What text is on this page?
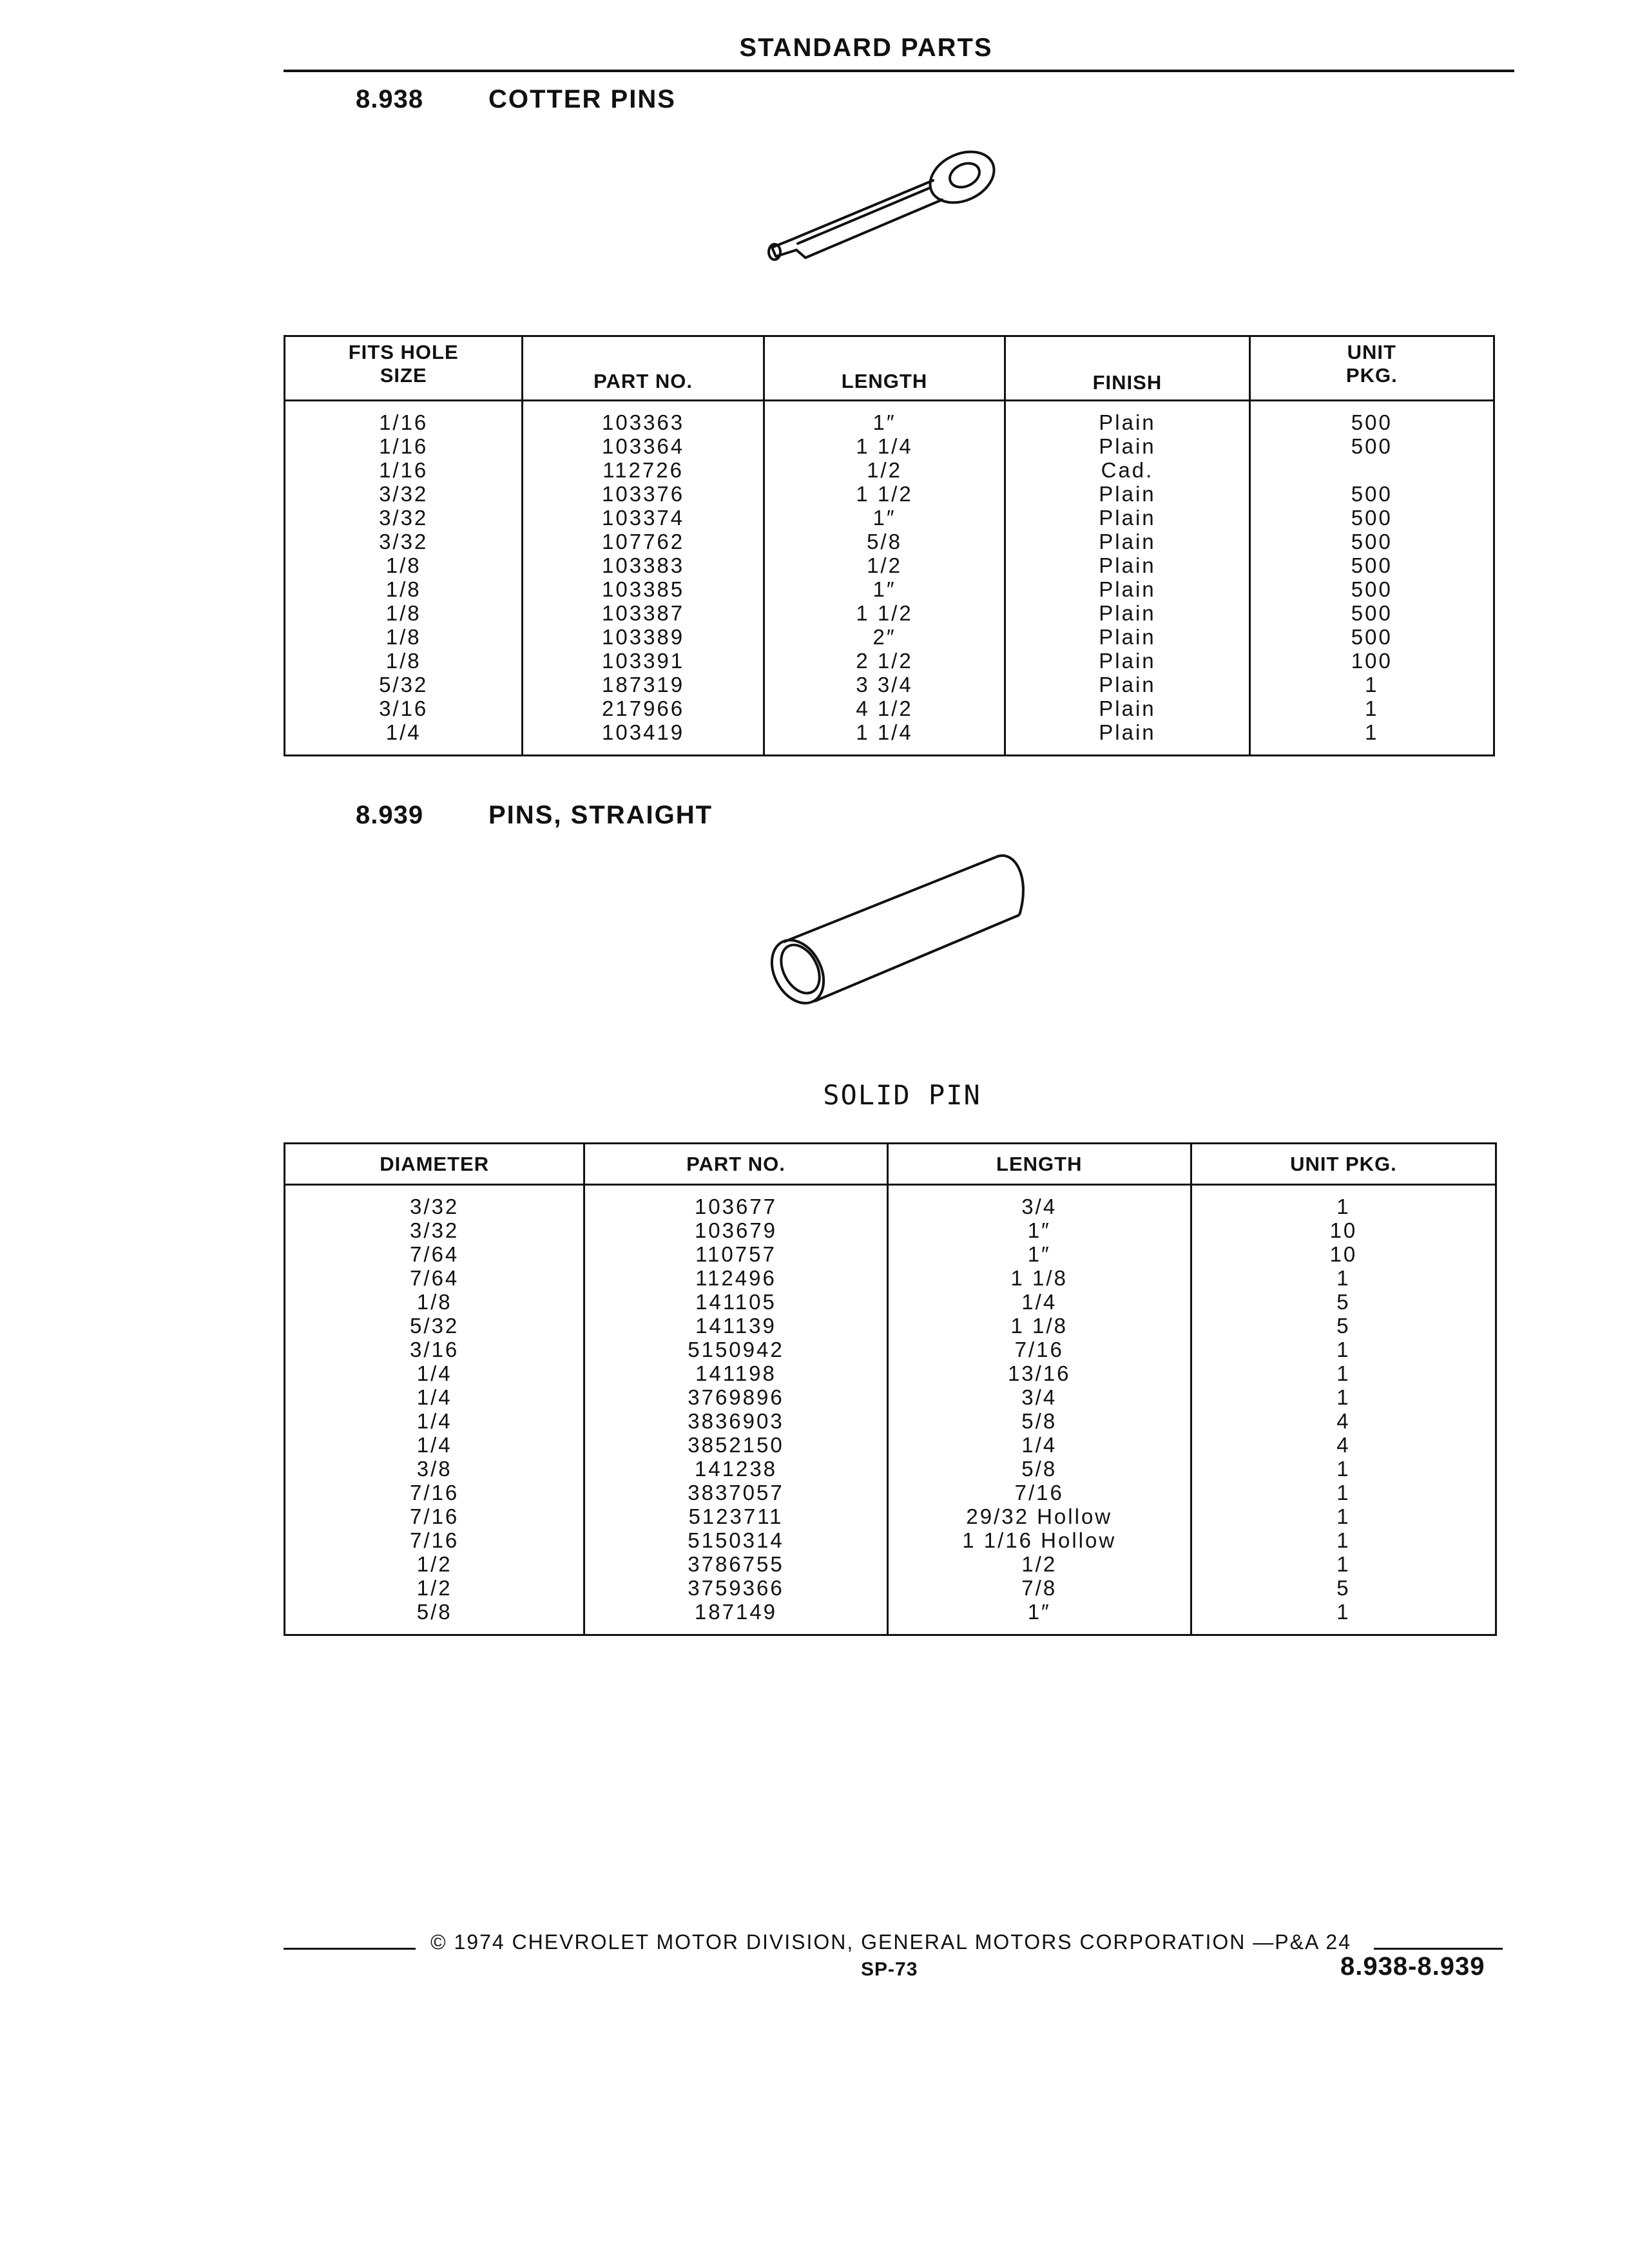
STANDARD PARTS
8.938	COTTER PINS
FITS HOLE
SIZE	PART NO.	LENGTH	FINISH	UNIT
PKG.
1/16	103363	1″	Plain	500
1/16	103364	1 1/4	Plain	500
1/16	112726	1/2	Cad.	
3/32	103376	1 1/2	Plain	500
3/32	103374	1″	Plain	500
3/32	107762	5/8	Plain	500
1/8	103383	1/2	Plain	500
1/8	103385	1″	Plain	500
1/8	103387	1 1/2	Plain	500
1/8	103389	2″	Plain	500
1/8	103391	2 1/2	Plain	100
5/32	187319	3 3/4	Plain	1
3/16	217966	4 1/2	Plain	1
1/4	103419	1 1/4	Plain	1
8.939	PINS, STRAIGHT
SOLID PIN
DIAMETER	PART NO.	LENGTH	UNIT PKG.
3/32	103677	3/4	1
3/32	103679	1″	10
7/64	110757	1″	10
7/64	112496	1 1/8	1
1/8	141105	1/4	5
5/32	141139	1 1/8	5
3/16	5150942	7/16	1
1/4	141198	13/16	1
1/4	3769896	3/4	1
1/4	3836903	5/8	4
1/4	3852150	1/4	4
3/8	141238	5/8	1
7/16	3837057	7/16	1
7/16	5123711	29/32 Hollow	1
7/16	5150314	1 1/16 Hollow	1
1/2	3786755	1/2	1
1/2	3759366	7/8	5
5/8	187149	1″	1
© 1974 CHEVROLET MOTOR DIVISION, GENERAL MOTORS CORPORATION —P&A 24
SP-73	8.938-8.939
